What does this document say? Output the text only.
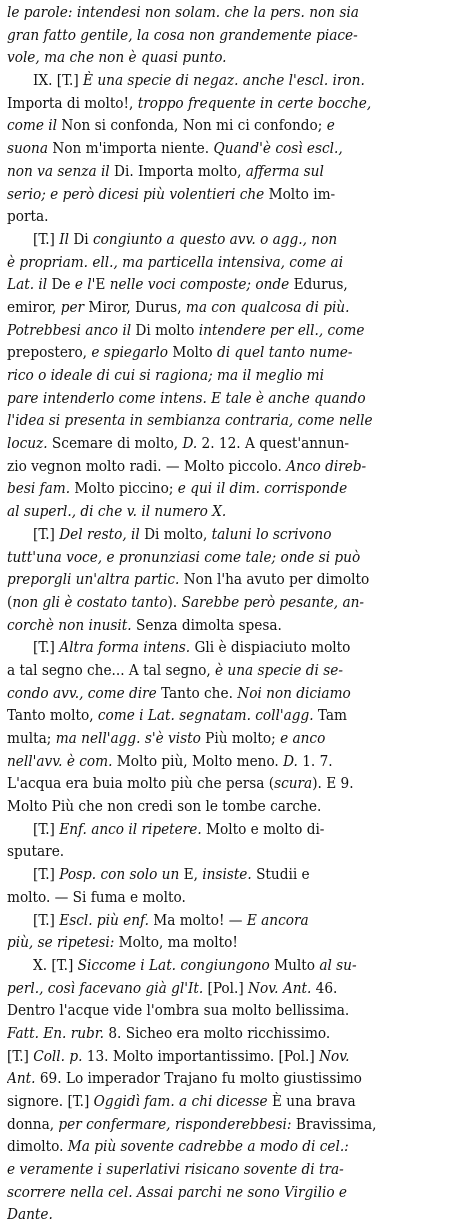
le parole: intendesi non solam. che la pers. non sia
gran fatto gentile, la cosa non grandemente piace-
vole, ma che non è quasi punto.
IX. [T.] È una specie di negaz. anche l'escl. iron.
Importa di molto!, troppo frequente in certe bocche,
come il Non si confonda, Non mi ci confondo; e
suona Non m'importa niente. Quand'è così escl.,
non va senza il Di. Importa molto, afferma sul
serio; e però dicesi più volentieri che Molto im-
porta.
[T.] Il Di congiunto a questo avv. o agg., non
è propriam. ell., ma particella intensiva, come ai
Lat. il De e l'E nelle voci composte; onde Edurus,
emiror, per Miror, Durus, ma con qualcosa di più.
Potrebbesi anco il Di molto intendere per ell., come
prepostero, e spiegarlo Molto di quel tanto nume-
rico o ideale di cui si ragiona; ma il meglio mi
pare intenderlo come intens. E tale è anche quando
l'idea si presenta in sembianza contraria, come nelle
locuz. Scemare di molto, D. 2. 12. A quest'annun-
zio vegnon molto radi. — Molto piccolo. Anco direb-
besi fam. Molto piccino; e qui il dim. corrisponde
al superl., di che v. il numero X.
[T.] Del resto, il Di molto, taluni lo scrivono
tutt'una voce, e pronunziasi come tale; onde si può
preporgli un'altra partic. Non l'ha avuto per dimolto
(non gli è costato tanto). Sarebbe però pesante, an-
corchè non inusit. Senza dimolta spesa.
[T.] Altra forma intens. Gli è dispiaciuto molto
a tal segno che... A tal segno, è una specie di se-
condo avv., come dire Tanto che. Noi non diciamo
Tanto molto, come i Lat. segnatam. coll'agg. Tam
multa; ma nell'agg. s'è visto Più molto; e anco
nell'avv. è com. Molto più, Molto meno. D. 1. 7.
L'acqua era buia molto più che persa (scura). E 9.
Molto Più che non credi son le tombe carche.
[T.] Enf. anco il ripetere. Molto e molto di-
sputare.
[T.] Posp. con solo un E, insiste. Studii e
molto. — Si fuma e molto.
[T.] Escl. più enf. Ma molto! — E ancora
più, se ripetesi: Molto, ma molto!
X. [T.] Siccome i Lat. congiungono Multo al su-
perl., così facevano già gl'It. [Pol.] Nov. Ant. 46.
Dentro l'acque vide l'ombra sua molto bellissima.
Fatt. En. rubr. 8. Sicheo era molto ricchissimo.
[T.] Coll. p. 13. Molto importantissimo. [Pol.] Nov.
Ant. 69. Lo imperador Trajano fu molto giustissimo
signore. [T.] Oggidì fam. a chi dicesse È una brava
donna, per confermare, risponderebbesi: Bravissima,
dimolto. Ma più sovente cadrebbe a modo di cel.:
e veramente i superlativi risicano sovente di tra-
scorrere nella cel. Assai parchi ne sono Virgilio e
Dante.
